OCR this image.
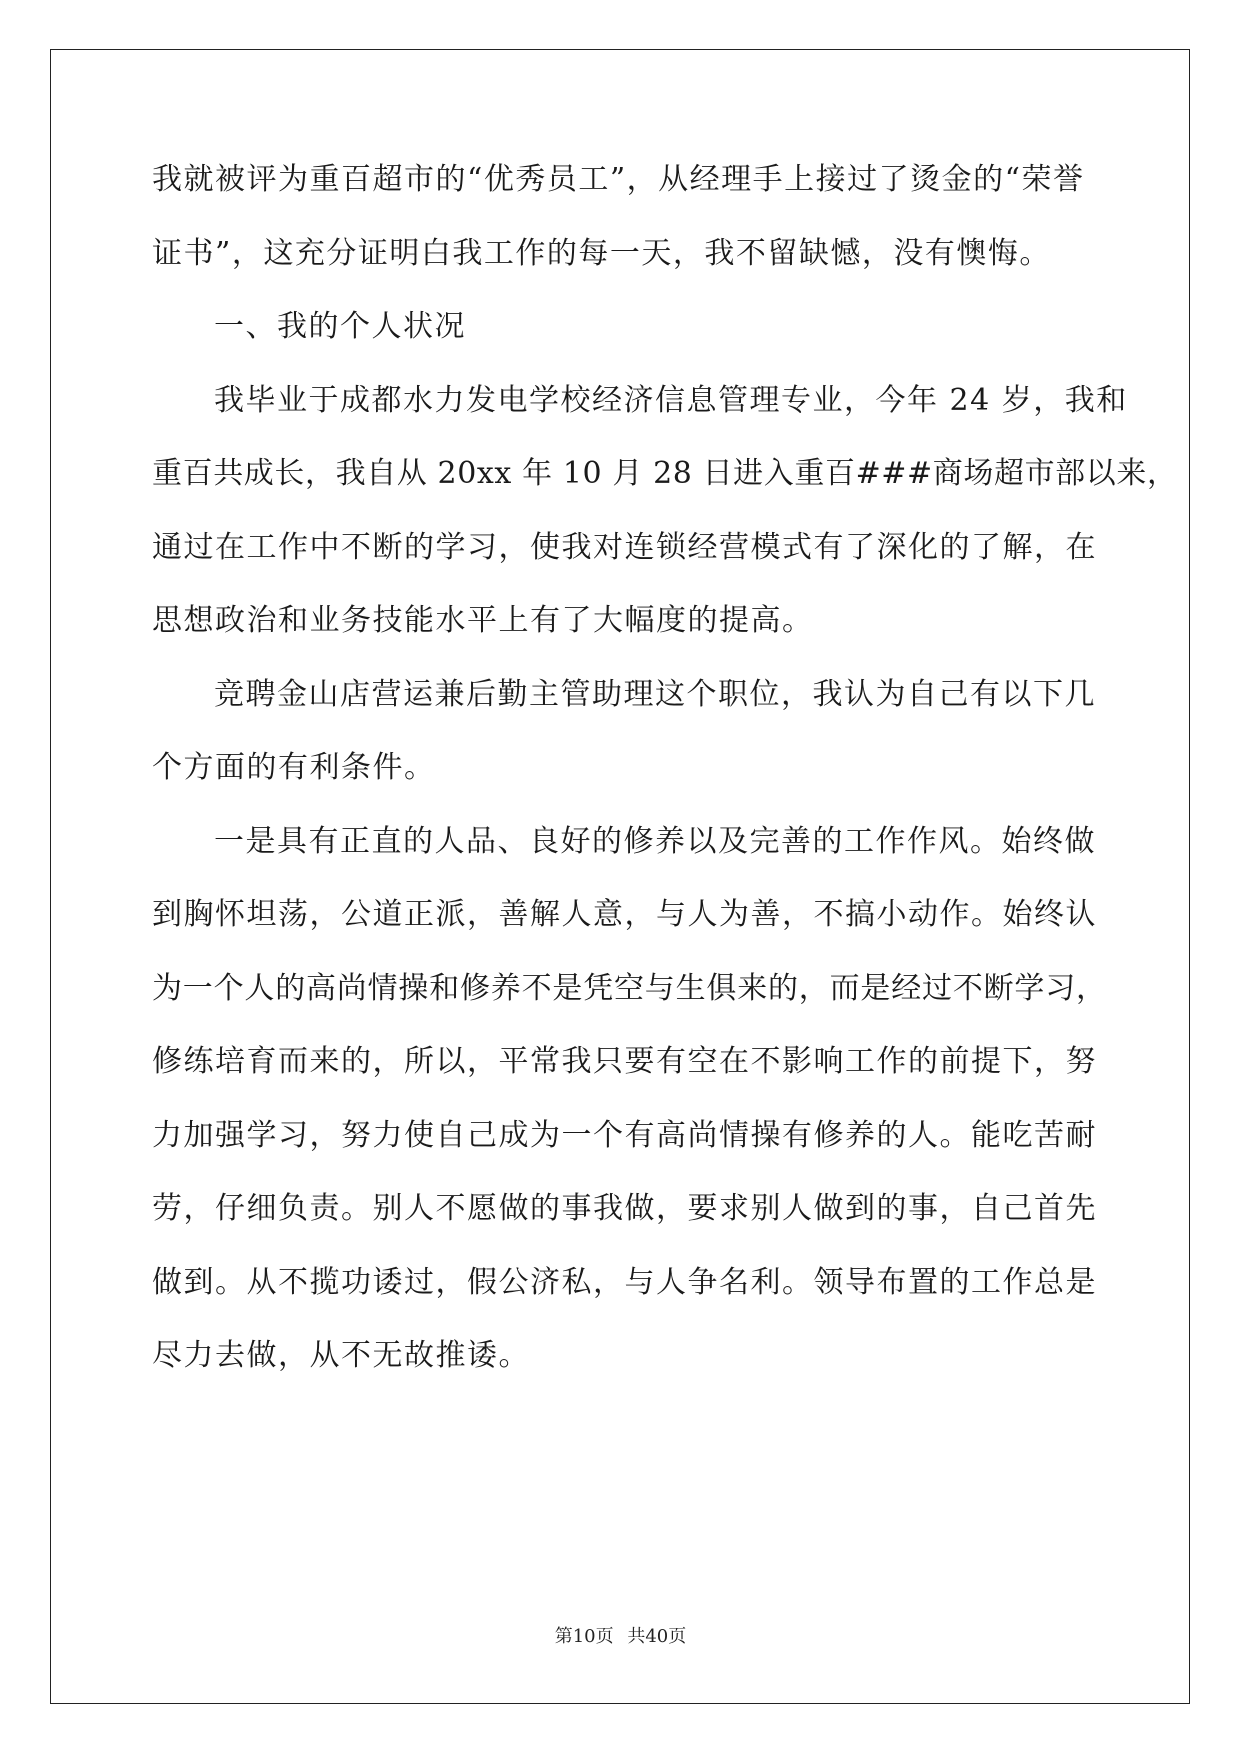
我就被评为重百超市的“优秀员工”，从经理手上接过了烫金的“荣誉
证书”，这充分证明白我工作的每一天，我不留缺憾，没有懊悔。
一、我的个人状况
我毕业于成都水力发电学校经济信息管理专业，今年 24 岁，我和
重百共成长，我自从 20xx 年 10 月 28 日进入重百###商场超市部以来，
通过在工作中不断的学习，使我对连锁经营模式有了深化的了解，在
思想政治和业务技能水平上有了大幅度的提高。
竞聘金山店营运兼后勤主管助理这个职位，我认为自己有以下几
个方面的有利条件。
一是具有正直的人品、良好的修养以及完善的工作作风。始终做
到胸怀坦荡，公道正派，善解人意，与人为善，不搞小动作。始终认
为一个人的高尚情操和修养不是凭空与生俱来的，而是经过不断学习，
修练培育而来的，所以，平常我只要有空在不影响工作的前提下，努
力加强学习，努力使自己成为一个有高尚情操有修养的人。能吃苦耐
劳，仔细负责。别人不愿做的事我做，要求别人做到的事，自己首先
做到。从不揽功诿过，假公济私，与人争名利。领导布置的工作总是
尽力去做，从不无故推诿。
第10页 共40页
